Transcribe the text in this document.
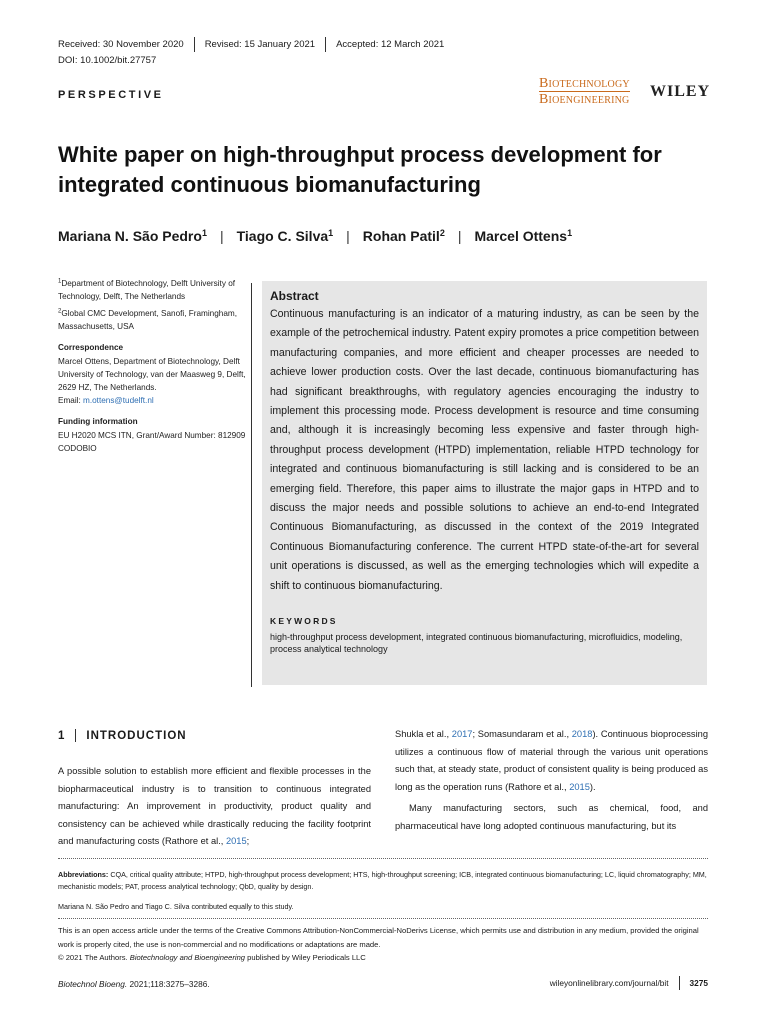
Received: 30 November 2020 Revised: 15 January 2021 Accepted: 12 March 2021
DOI: 10.1002/bit.27757
PERSPECTIVE
Biotechnology
Bioengineering WILEY
White paper on high-throughput process development for integrated continuous biomanufacturing
Mariana N. São Pedro$^1$ | Tiago C. Silva$^1$ | Rohan Patil$^2$ | Marcel Ottens$^1$

$^1$Department of Biotechnology, Delft University of Technology, Delft, The Netherlands

$^2$Global CMC Development, Sanofi, Framingham, Massachusetts, USA

Correspondence

Marcel Ottens, Department of Biotechnology, Delft University of Technology, van der Maasweg 9, Delft, 2629 HZ, The Netherlands.
Email: m.ottens@tudelft.nl

Funding information

EU H2020 MCS ITN, Grant/Award Number: 812909 CODOBIO

Abstract

Continuous manufacturing is an indicator of a maturing industry, as can be seen by the example of the petrochemical industry. Patent expiry promotes a price competition between manufacturing companies, and more efficient and cheaper processes are needed to achieve lower production costs. Over the last decade, continuous biomanufacturing has had significant breakthroughs, with regulatory agencies encouraging the industry to implement this processing mode. Process development is resource and time consuming and, although it is increasingly becoming less expensive and faster through high-throughput process development (HTPD) implementation, reliable HTPD technology for integrated and continuous biomanufacturing is still lacking and is considered to be an emerging field. Therefore, this paper aims to illustrate the major gaps in HTPD and to discuss the major needs and possible solutions to achieve an end-to-end Integrated Continuous Biomanufacturing, as discussed in the context of the 2019 Integrated Continuous Biomanufacturing conference. The current HTPD state-of-the-art for several unit operations is discussed, as well as the emerging technologies which will expedite a shift to continuous biomanufacturing.

KEYWORDS
high-throughput process development, integrated continuous biomanufacturing, microfluidics, modeling, process analytical technology
1 INTRODUCTION

A possible solution to establish more efficient and flexible processes in the biopharmaceutical industry is to transition to continuous integrated manufacturing: An improvement in productivity, product quality and consistency can be achieved while drastically reducing the facility footprint and manufacturing costs (Rathore et al., 2015;

Shukla et al., 2017; Somasundaram et al., 2018). Continuous bioprocessing utilizes a continuous flow of material through the various unit operations such that, at steady state, product of consistent quality is being produced as long as the operation runs (Rathore et al., 2015).

Many manufacturing sectors, such as chemical, food, and pharmaceutical have long adopted continuous manufacturing, but its

Abbreviations: CQA, critical quality attribute; HTPD, high-throughput process development; HTS, high-throughput screening; ICB, integrated continuous biomanufacturing; LC, liquid chromatography; MM, mechanistic models; PAT, process analytical technology; QbD, quality by design.

Mariana N. São Pedro and Tiago C. Silva contributed equally to this study.

This is an open access article under the terms of the Creative Commons Attribution-NonCommercial-NoDerivs License, which permits use and distribution in any medium, provided the original work is properly cited, the use is non-commercial and no modifications or adaptations are made.
© 2021 The Authors. Biotechnology and Bioengineering published by Wiley Periodicals LLC
Biotechnol Bioeng. 2021;118:3275–3286.	wileyonlinelibrary.com/journal/bit	3275
